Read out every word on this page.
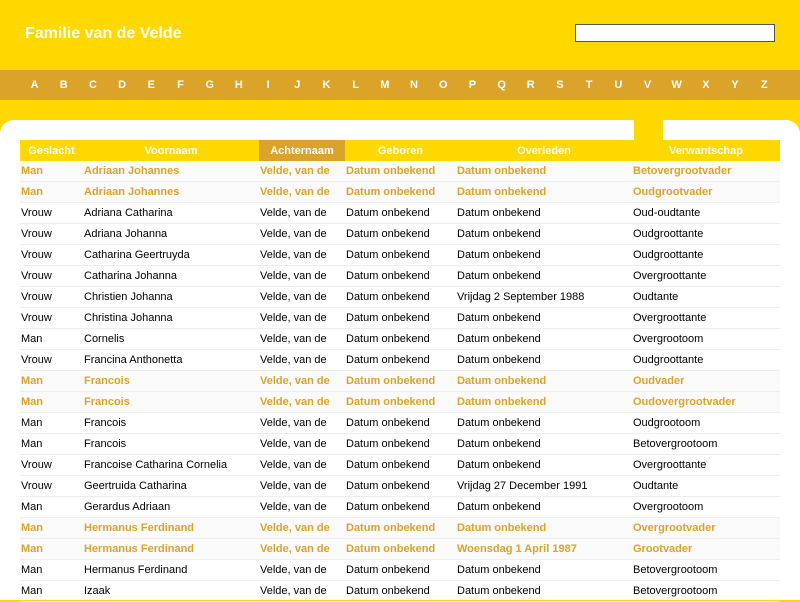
Familie van de Velde
A	B	C	D	E	F	G	H	I	J	K	L	M	N	O	P	Q	R	S	T	U	V	W	X	Y	Z
Geslacht	Voornaam	Achternaam	Geboren	Overleden	Verwantschap
Man	Adriaan Johannes	Velde, van de	Datum onbekend	Datum onbekend	Betovergrootvader
Man	Adriaan Johannes	Velde, van de	Datum onbekend	Datum onbekend	Oudgrootvader
Vrouw	Adriana Catharina	Velde, van de	Datum onbekend	Datum onbekend	Oud-oudtante
Vrouw	Adriana Johanna	Velde, van de	Datum onbekend	Datum onbekend	Oudgroottante
Vrouw	Catharina Geertruyda	Velde, van de	Datum onbekend	Datum onbekend	Oudgroottante
Vrouw	Catharina Johanna	Velde, van de	Datum onbekend	Datum onbekend	Overgroottante
Vrouw	Christien Johanna	Velde, van de	Datum onbekend	Vrijdag 2 September 1988	Oudtante
Vrouw	Christina Johanna	Velde, van de	Datum onbekend	Datum onbekend	Overgroottante
Man	Cornelis	Velde, van de	Datum onbekend	Datum onbekend	Overgrootoom
Vrouw	Francina Anthonetta	Velde, van de	Datum onbekend	Datum onbekend	Oudgroottante
Man	Francois	Velde, van de	Datum onbekend	Datum onbekend	Oudvader
Man	Francois	Velde, van de	Datum onbekend	Datum onbekend	Oudovergrootvader
Man	Francois	Velde, van de	Datum onbekend	Datum onbekend	Oudgrootoom
Man	Francois	Velde, van de	Datum onbekend	Datum onbekend	Betovergrootoom
Vrouw	Francoise Catharina Cornelia	Velde, van de	Datum onbekend	Datum onbekend	Overgroottante
Vrouw	Geertruida Catharina	Velde, van de	Datum onbekend	Vrijdag 27 December 1991	Oudtante
Man	Gerardus Adriaan	Velde, van de	Datum onbekend	Datum onbekend	Overgrootoom
Man	Hermanus Ferdinand	Velde, van de	Datum onbekend	Datum onbekend	Overgrootvader
Man	Hermanus Ferdinand	Velde, van de	Datum onbekend	Woensdag 1 April 1987	Grootvader
Man	Hermanus Ferdinand	Velde, van de	Datum onbekend	Datum onbekend	Betovergrootoom
Man	Izaak	Velde, van de	Datum onbekend	Datum onbekend	Betovergrootoom
